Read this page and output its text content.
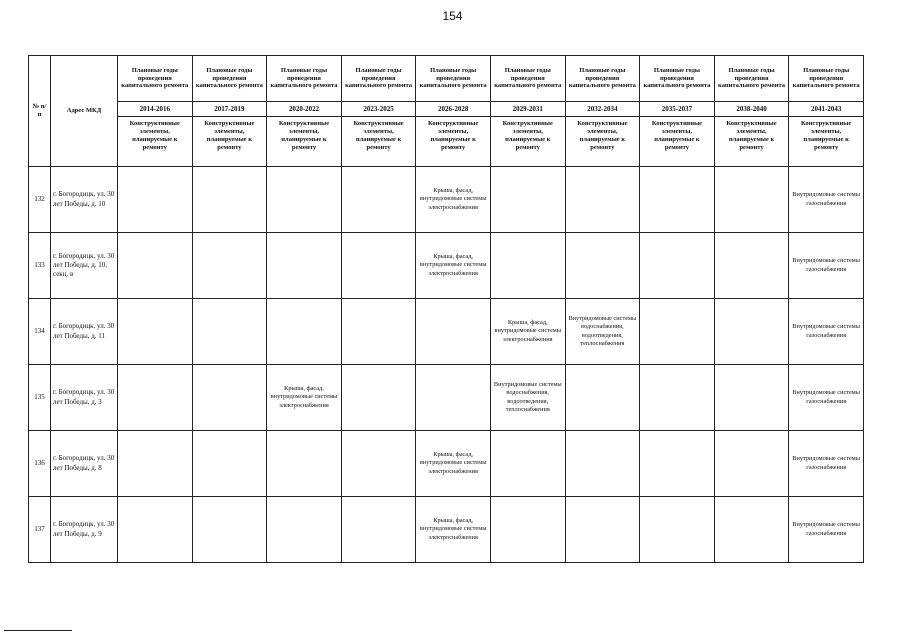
154
№ п/п	Адрес МКД	Плановые годы проведения капитального ремонта	Плановые годы проведения капитального ремонта	Плановые годы проведения капитального ремонта	Плановые годы проведения капитального ремонта	Плановые годы проведения капитального ремонта	Плановые годы проведения капитального ремонта	Плановые годы проведения капитального ремонта	Плановые годы проведения капитального ремонта	Плановые годы проведения капитального ремонта	Плановые годы проведения капитального ремонта
		2014-2016	2017-2019	2020-2022	2023-2025	2026-2028	2029-2031	2032-2034	2035-2037	2038-2040	2041-2043
		Конструктивные элементы, планируемые к ремонту	Конструктивные элементы, планируемые к ремонту	Конструктивные элементы, планируемые к ремонту	Конструктивные элементы, планируемые к ремонту	Конструктивные элементы, планируемые к ремонту	Конструктивные элементы, планируемые к ремонту	Конструктивные элементы, планируемые к ремонту	Конструктивные элементы, планируемые к ремонту	Конструктивные элементы, планируемые к ремонту	Конструктивные элементы, планируемые к ремонту
132	г. Богородицк, ул. 30 лет Победы, д. 10					Крыша, фасад, внутридомовые системы электроснабжения					Внутридомовые системы газоснабжения
133	г. Богородицк, ул. 30 лет Победы, д. 10, секц. в					Крыша, фасад, внутридомовые системы электроснабжения					Внутридомовые системы газоснабжения
134	г. Богородицк, ул. 30 лет Победы, д. 11						Крыша, фасад, внутридомовые системы электроснабжения	Внутридомовые системы водоснабжения, водоотведения, теплоснабжения			Внутридомовые системы газоснабжения
135	г. Богородицк, ул. 30 лет Победы, д. 3			Крыша, фасад, внутридомовые системы электроснабжения			Внутридомовые системы водоснабжения, водоотведения, теплоснабжения				Внутридомовые системы газоснабжения
136	г. Богородицк, ул. 30 лет Победы, д. 8					Крыша, фасад, внутридомовые системы электроснабжения					Внутридомовые системы газоснабжения
137	г. Богородицк, ул. 30 лет Победы, д. 9					Крыша, фасад, внутридомовые системы электроснабжения					Внутридомовые системы газоснабжения
